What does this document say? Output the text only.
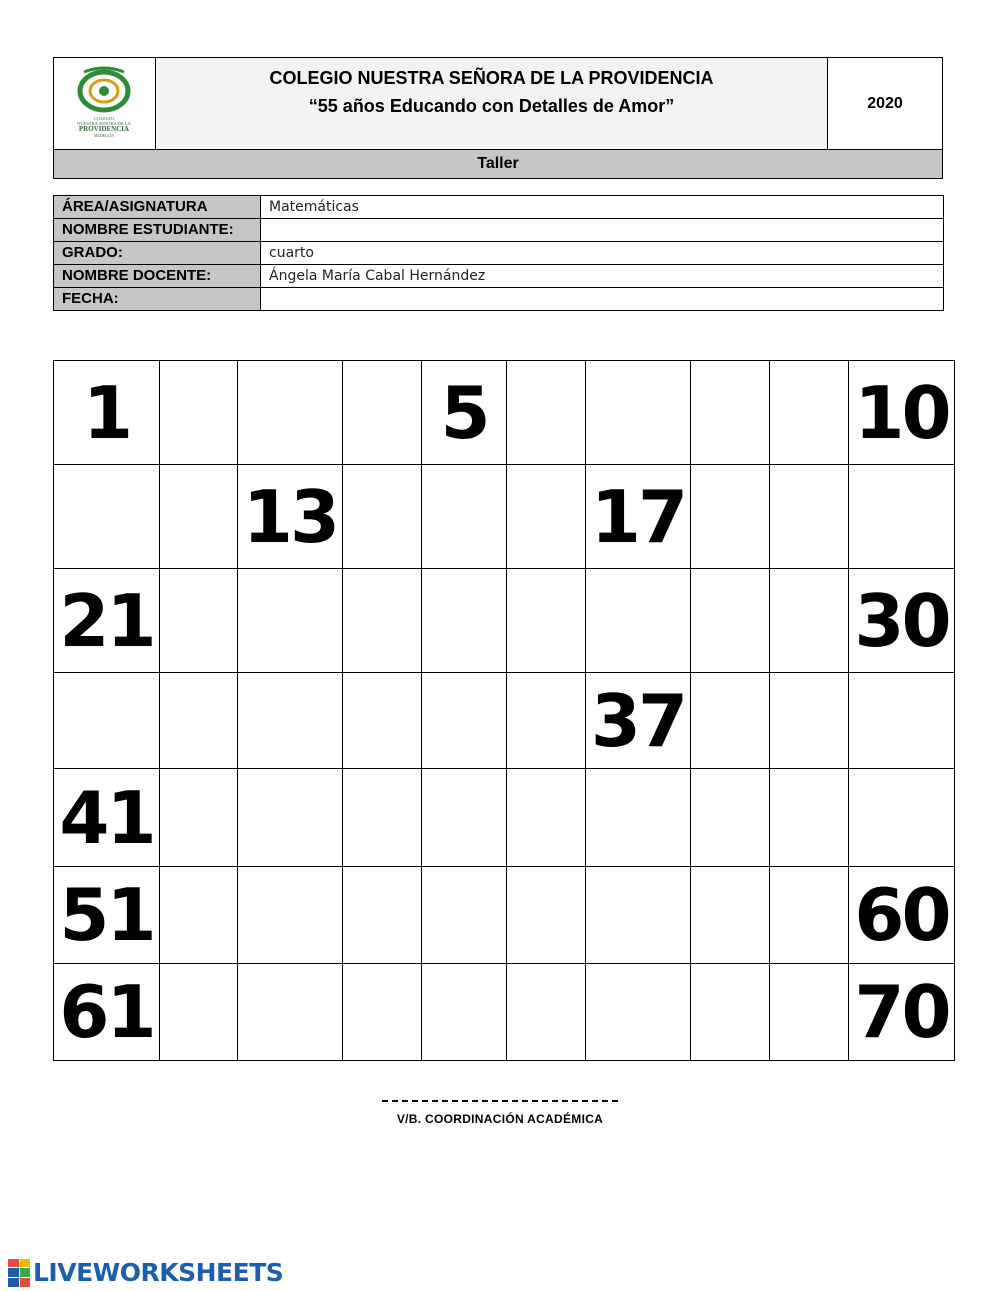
COLEGIO
NUESTRA SEÑORA DE LA
PROVIDENCIA
MEDELLÍN
COLEGIO NUESTRA SEÑORA DE LA PROVIDENCIA
“55 años Educando con Detalles de Amor”	2020
Taller
ÁREA/ASIGNATURA	Matemáticas
NOMBRE ESTUDIANTE:	
GRADO:	cuarto
NOMBRE DOCENTE:	Ángela María Cabal Hernández
FECHA:	
1				5					10
		13				17			
21									30
						37			
41									
51									60
61									70
V/B. COORDINACIÓN ACADÉMICA
LIVEWORKSHEETS
